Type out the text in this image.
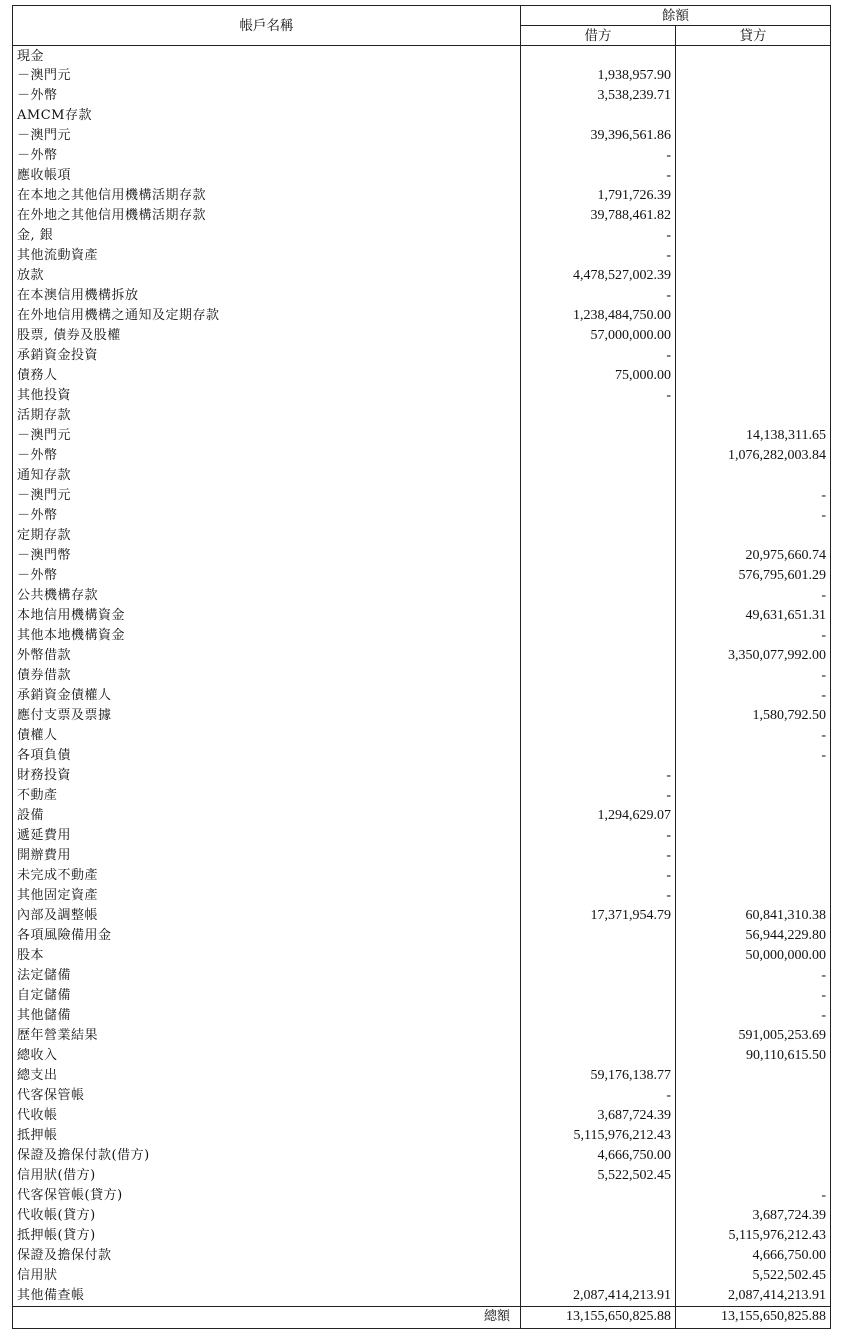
帳戶名稱	餘額	
	借方	貸方
現金		
－澳門元	1,938,957.90	
－外幣	3,538,239.71	
AMCM存款		
－澳門元	39,396,561.86	
－外幣	-	
應收帳項	-	
在本地之其他信用機構活期存款	1,791,726.39	
在外地之其他信用機構活期存款	39,788,461.82	
金, 銀	-	
其他流動資產	-	
放款	4,478,527,002.39	
在本澳信用機構拆放	-	
在外地信用機構之通知及定期存款	1,238,484,750.00	
股票, 債券及股權	57,000,000.00	
承銷資金投資	-	
債務人	75,000.00	
其他投資	-	
活期存款		
－澳門元		14,138,311.65
－外幣		1,076,282,003.84
通知存款		
－澳門元		-
－外幣		-
定期存款		
－澳門幣		20,975,660.74
－外幣		576,795,601.29
公共機構存款		-
本地信用機構資金		49,631,651.31
其他本地機構資金		-
外幣借款		3,350,077,992.00
債券借款		-
承銷資金債權人		-
應付支票及票據		1,580,792.50
債權人		-
各項負債		-
財務投資	-	
不動產	-	
設備	1,294,629.07	
遞延費用	-	
開辦費用	-	
未完成不動產	-	
其他固定資產	-	
內部及調整帳	17,371,954.79	60,841,310.38
各項風險備用金		56,944,229.80
股本		50,000,000.00
法定儲備		-
自定儲備		-
其他儲備		-
歷年營業結果		591,005,253.69
總收入		90,110,615.50
總支出	59,176,138.77	
代客保管帳	-	
代收帳	3,687,724.39	
抵押帳	5,115,976,212.43	
保證及擔保付款(借方)	4,666,750.00	
信用狀(借方)	5,522,502.45	
代客保管帳(貸方)		-
代收帳(貸方)		3,687,724.39
抵押帳(貸方)		5,115,976,212.43
保證及擔保付款		4,666,750.00
信用狀		5,522,502.45
其他備查帳	2,087,414,213.91	2,087,414,213.91
總額	13,155,650,825.88	13,155,650,825.88
